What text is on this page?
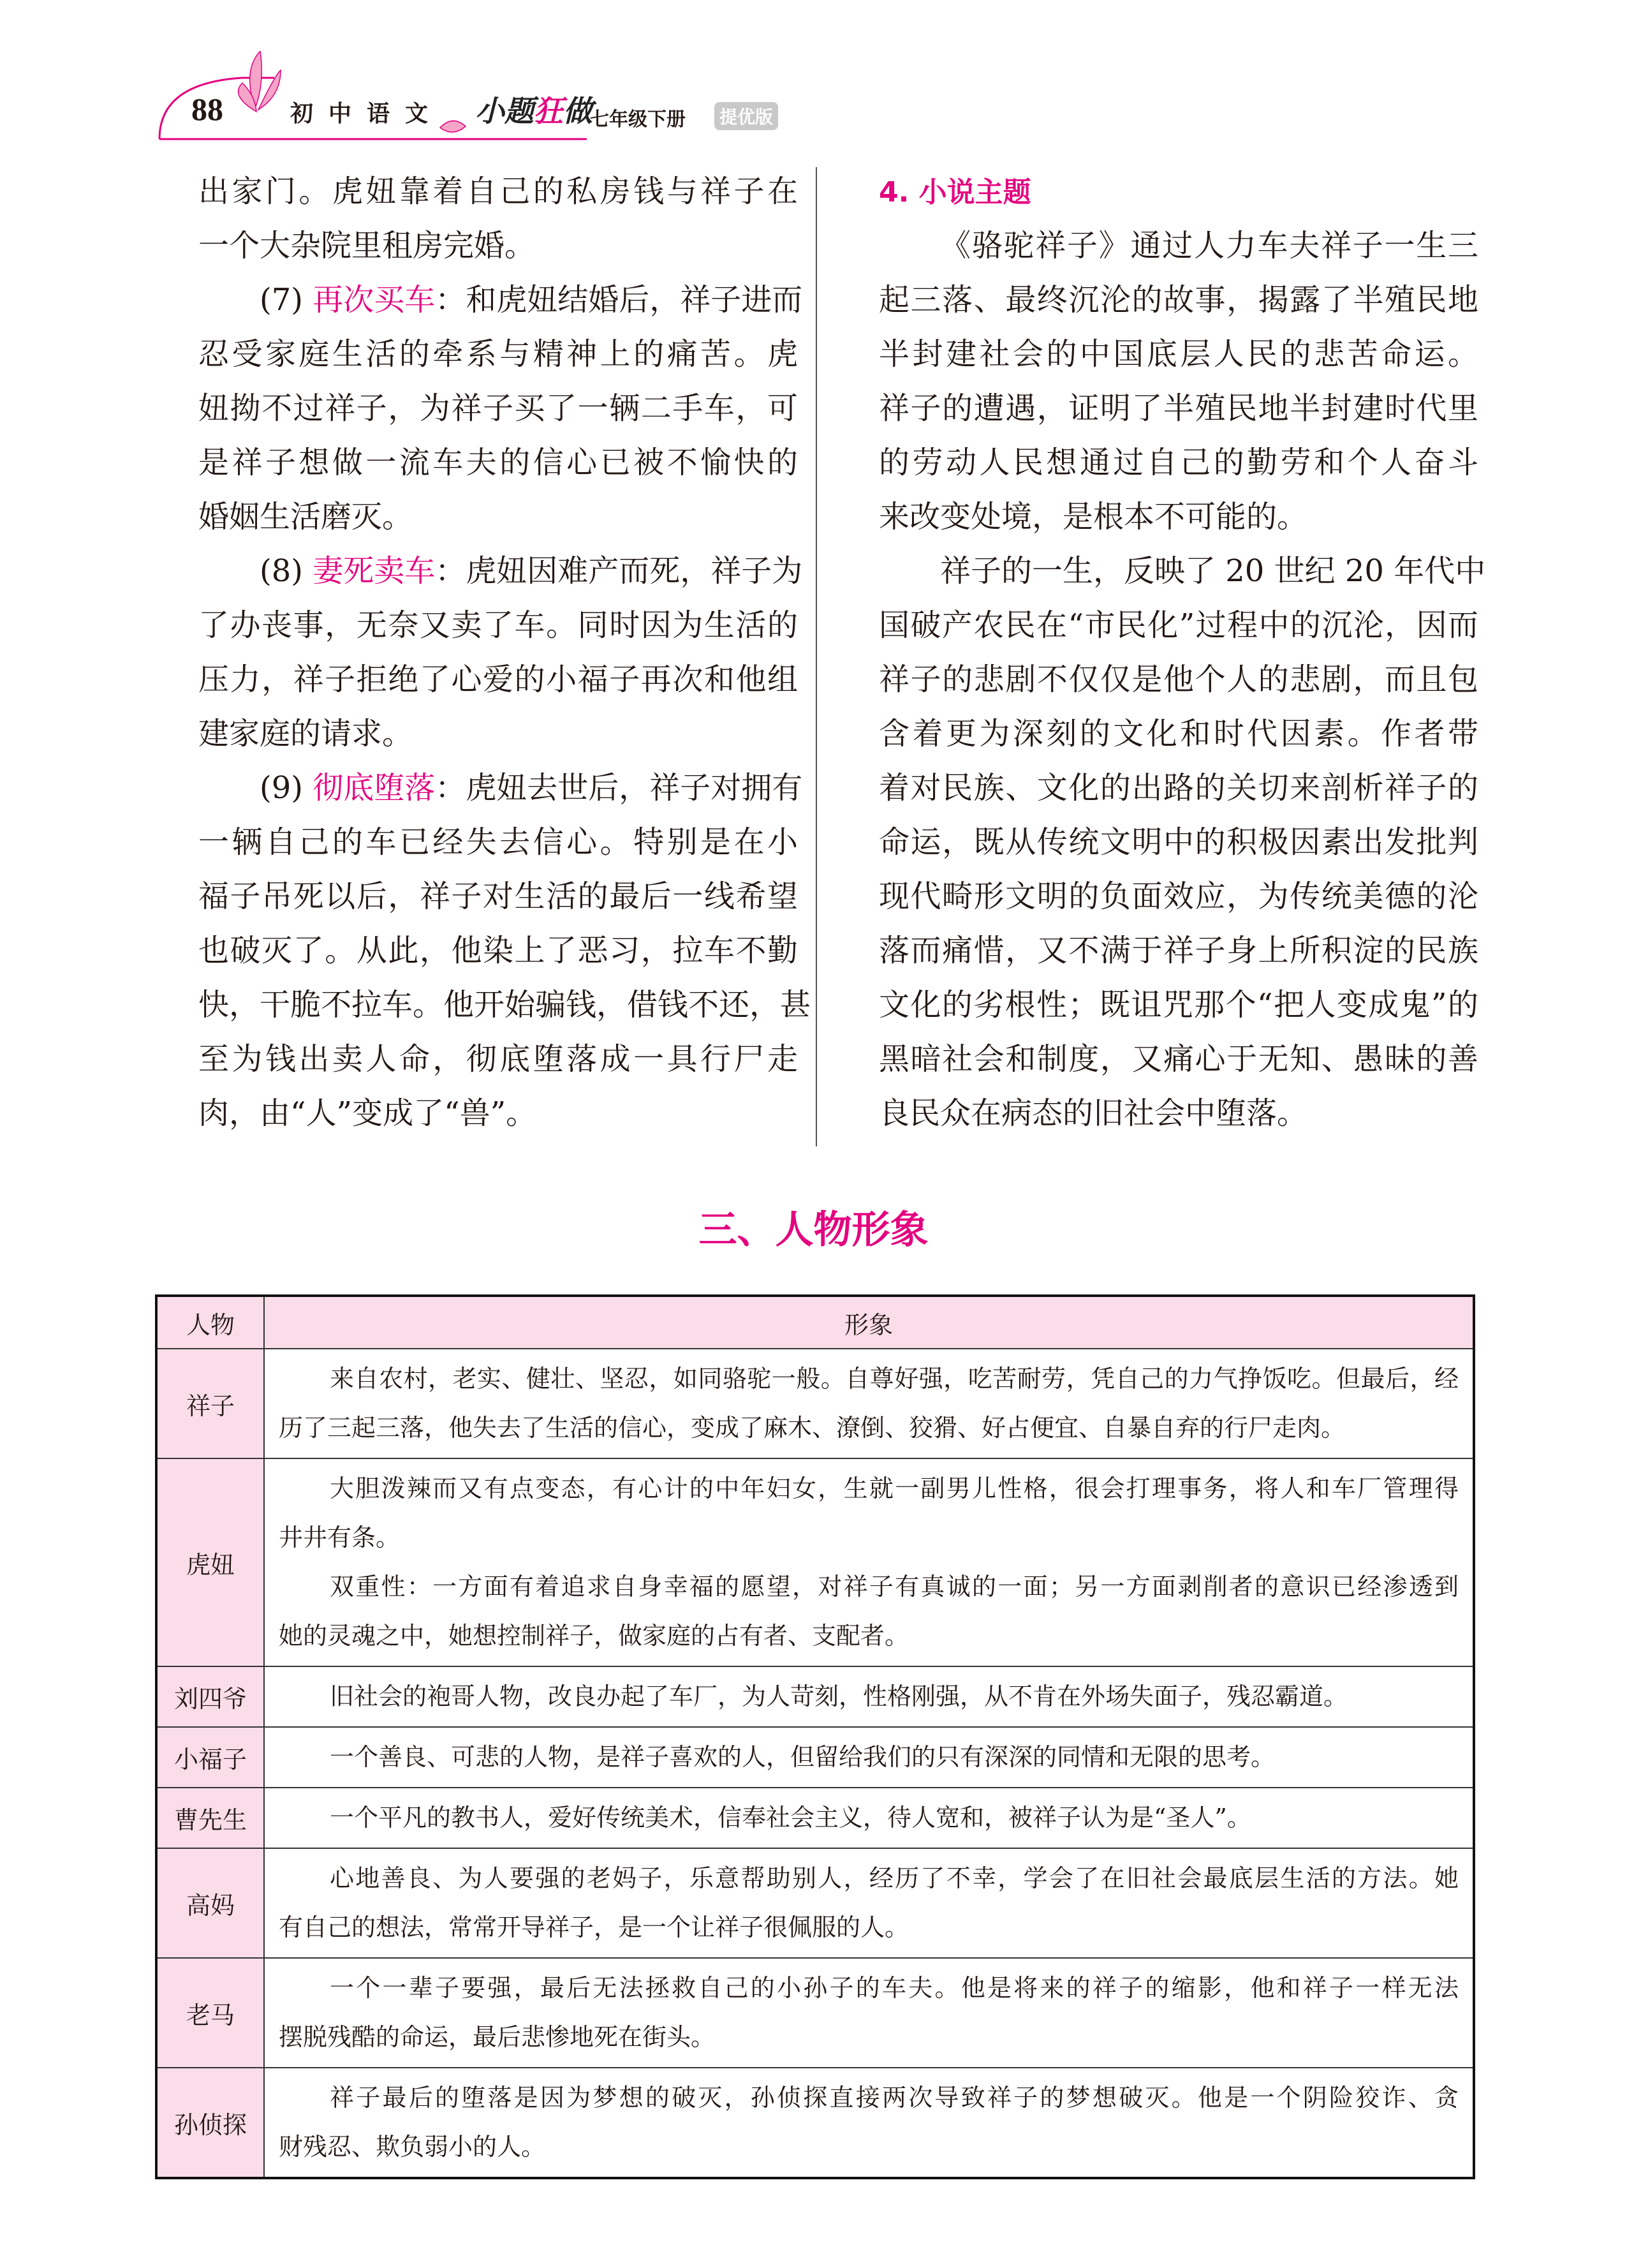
88	初中语文 小题狂做
七年级下册 提优版
出家门。虎妞靠着自己的私房钱与祥子在
一个大杂院里租房完婚。
(7) 再次买车：和虎妞结婚后，祥子进而
忍受家庭生活的牵系与精神上的痛苦。虎
妞拗不过祥子，为祥子买了一辆二手车，可
是祥子想做一流车夫的信心已被不愉快的
婚姻生活磨灭。
(8) 妻死卖车：虎妞因难产而死，祥子为
了办丧事，无奈又卖了车。同时因为生活的
压力，祥子拒绝了心爱的小福子再次和他组
建家庭的请求。
(9) 彻底堕落：虎妞去世后，祥子对拥有
一辆自己的车已经失去信心。特别是在小
福子吊死以后，祥子对生活的最后一线希望
也破灭了。从此，他染上了恶习，拉车不勤
快，干脆不拉车。他开始骗钱，借钱不还，甚
至为钱出卖人命，彻底堕落成一具行尸走
肉，由“人”变成了“兽”。
4. 小说主题
《骆驼祥子》通过人力车夫祥子一生三
起三落、最终沉沦的故事，揭露了半殖民地
半封建社会的中国底层人民的悲苦命运。
祥子的遭遇，证明了半殖民地半封建时代里
的劳动人民想通过自己的勤劳和个人奋斗
来改变处境，是根本不可能的。
祥子的一生，反映了 20 世纪 20 年代中
国破产农民在“市民化”过程中的沉沦，因而
祥子的悲剧不仅仅是他个人的悲剧，而且包
含着更为深刻的文化和时代因素。作者带
着对民族、文化的出路的关切来剖析祥子的
命运，既从传统文明中的积极因素出发批判
现代畸形文明的负面效应，为传统美德的沦
落而痛惜，又不满于祥子身上所积淀的民族
文化的劣根性；既诅咒那个“把人变成鬼”的
黑暗社会和制度，又痛心于无知、愚昧的善
良民众在病态的旧社会中堕落。
三、人物形象
人物	形象
祥子	来自农村，老实、健壮、坚忍，如同骆驼一般。自尊好强，吃苦耐劳，凭自己的力气挣饭吃。但最后，经
历了三起三落，他失去了生活的信心，变成了麻木、潦倒、狡猾、好占便宜、自暴自弃的行尸走肉。

虎妞	大胆泼辣而又有点变态，有心计的中年妇女，生就一副男儿性格，很会打理事务，将人和车厂管理得
井井有条。
双重性：一方面有着追求自身幸福的愿望，对祥子有真诚的一面；另一方面剥削者的意识已经渗透到
她的灵魂之中，她想控制祥子，做家庭的占有者、支配者。

刘四爷	旧社会的袍哥人物，改良办起了车厂，为人苛刻，性格刚强，从不肯在外场失面子，残忍霸道。

小福子	一个善良、可悲的人物，是祥子喜欢的人，但留给我们的只有深深的同情和无限的思考。

曹先生	一个平凡的教书人，爱好传统美术，信奉社会主义，待人宽和，被祥子认为是“圣人”。

高妈	心地善良、为人要强的老妈子，乐意帮助别人，经历了不幸，学会了在旧社会最底层生活的方法。她
有自己的想法，常常开导祥子，是一个让祥子很佩服的人。

老马	一个一辈子要强，最后无法拯救自己的小孙子的车夫。他是将来的祥子的缩影，他和祥子一样无法
摆脱残酷的命运，最后悲惨地死在街头。

孙侦探	祥子最后的堕落是因为梦想的破灭，孙侦探直接两次导致祥子的梦想破灭。他是一个阴险狡诈、贪
财残忍、欺负弱小的人。
